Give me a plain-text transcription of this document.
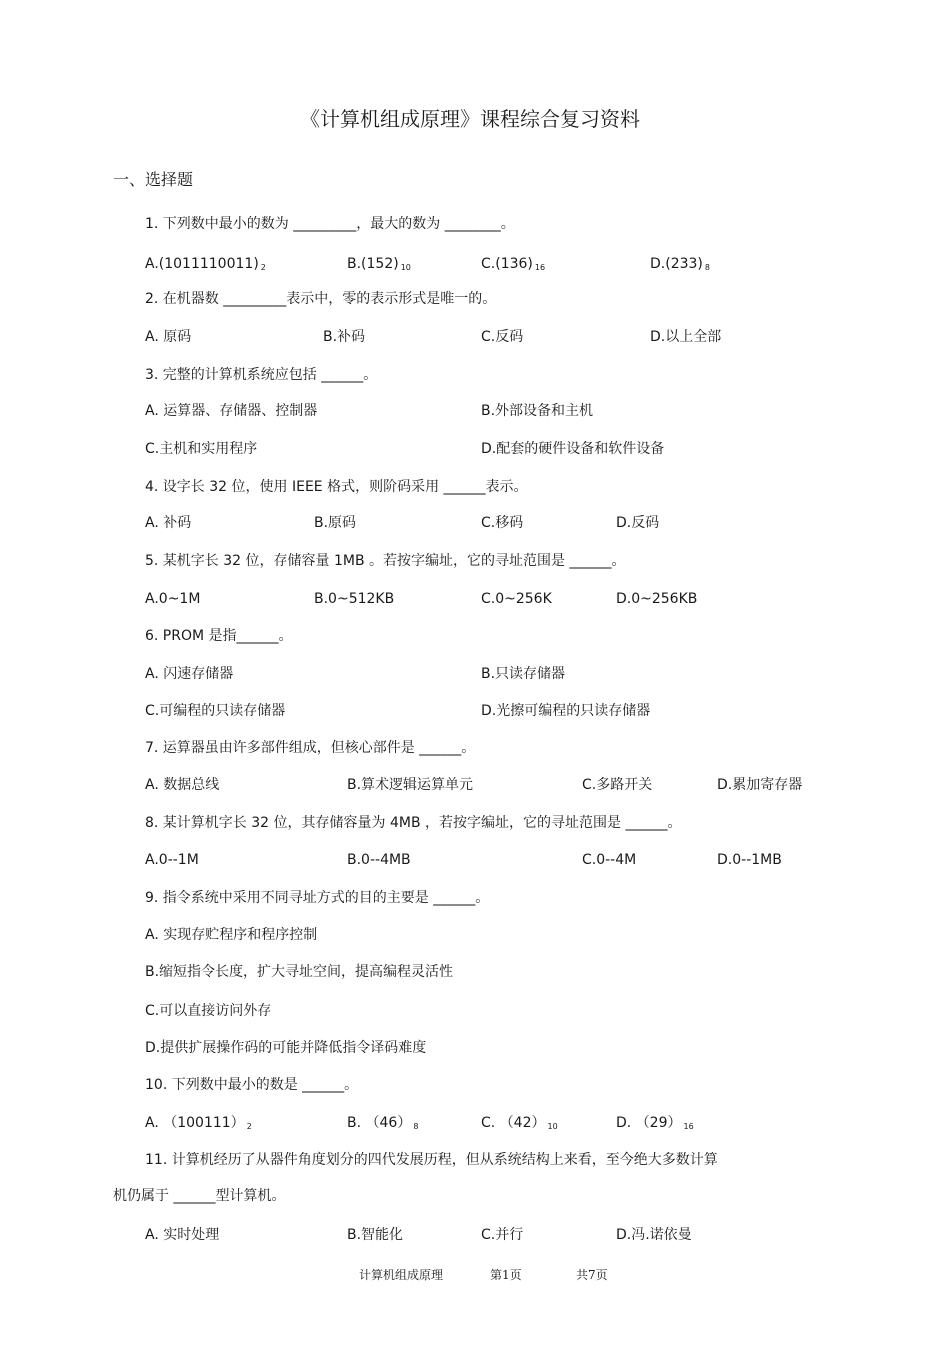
《计算机组成原理》课程综合复习资料
一、选择题
1. 下列数中最小的数为 _________，最大的数为 ________。
A.(1011110011) $_2$	B.(152) $_{10}$	C.(136) $_{16}$	D.(233) $_8$
2. 在机器数 _________表示中，零的表示形式是唯一的。
A. 原码	B.补码	C.反码	D.以上全部
3. 完整的计算机系统应包括 ______。
A. 运算器、存储器、控制器	B.外部设备和主机
C.主机和实用程序	D.配套的硬件设备和软件设备
4. 设字长 32 位，使用 IEEE 格式，则阶码采用 ______表示。
A. 补码	B.原码	C.移码	D.反码
5. 某机字长 32 位，存储容量 1MB 。若按字编址，它的寻址范围是 ______。
A.0~1M	B.0~512KB	C.0~256K	D.0~256KB
6. PROM 是指______。
A. 闪速存储器	B.只读存储器
C.可编程的只读存储器	D.光擦可编程的只读存储器
7. 运算器虽由许多部件组成，但核心部件是 ______。
A. 数据总线	B.算术逻辑运算单元	C.多路开关	D.累加寄存器
8. 某计算机字长 32 位，其存储容量为 4MB ，若按字编址，它的寻址范围是 ______。
A.0--1M	B.0--4MB	C.0--4M	D.0--1MB
9. 指令系统中采用不同寻址方式的目的主要是 ______。
A. 实现存贮程序和程序控制
B.缩短指令长度，扩大寻址空间，提高编程灵活性
C.可以直接访问外存
D.提供扩展操作码的可能并降低指令译码难度
10. 下列数中最小的数是 ______。
A. （100111） $_2$	B. （46） $_8$	C. （42） $_{10}$	D. （29） $_{16}$
11. 计算机经历了从器件角度划分的四代发展历程，但从系统结构上来看，至今绝大多数计算
机仍属于 ______型计算机。
A. 实时处理	B.智能化	C.并行	D.冯.诺依曼
计算机组成原理	第1页	共7页
